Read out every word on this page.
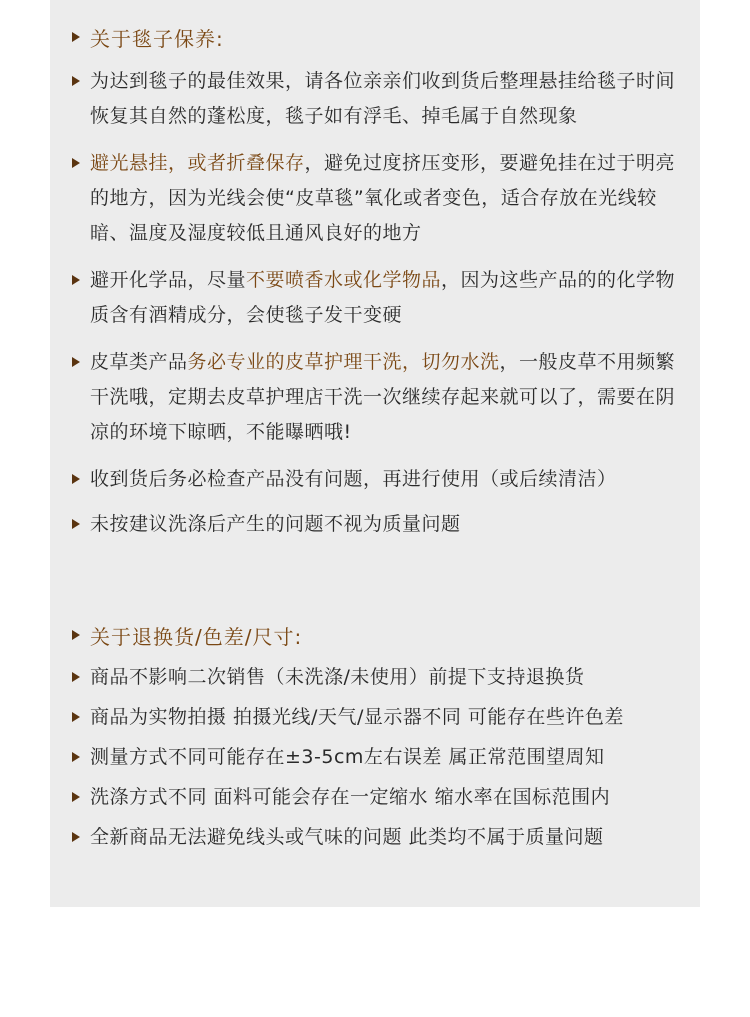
关于毯子保养:
为达到毯子的最佳效果，请各位亲亲们收到货后整理悬挂给毯子时间恢复其自然的蓬松度，毯子如有浮毛、掉毛属于自然现象
避光悬挂，或者折叠保存，避免过度挤压变形，要避免挂在过于明亮的地方，因为光线会使“皮草毯”氧化或者变色，适合存放在光线较暗、温度及湿度较低且通风良好的地方
避开化学品，尽量不要喷香水或化学物品，因为这些产品的的化学物质含有酒精成分，会使毯子发干变硬
皮草类产品务必专业的皮草护理干洗，切勿水洗，一般皮草不用频繁干洗哦，定期去皮草护理店干洗一次继续存起来就可以了，需要在阴凉的环境下晾晒，不能曝晒哦!
收到货后务必检查产品没有问题，再进行使用（或后续清洁）
未按建议洗涤后产生的问题不视为质量问题
关于退换货/色差/尺寸:
商品不影响二次销售（未洗涤/未使用）前提下支持退换货
商品为实物拍摄 拍摄光线/天气/显示器不同 可能存在些许色差
测量方式不同可能存在±3-5cm左右误差 属正常范围望周知
洗涤方式不同 面料可能会存在一定缩水 缩水率在国标范围内
全新商品无法避免线头或气味的问题 此类均不属于质量问题
